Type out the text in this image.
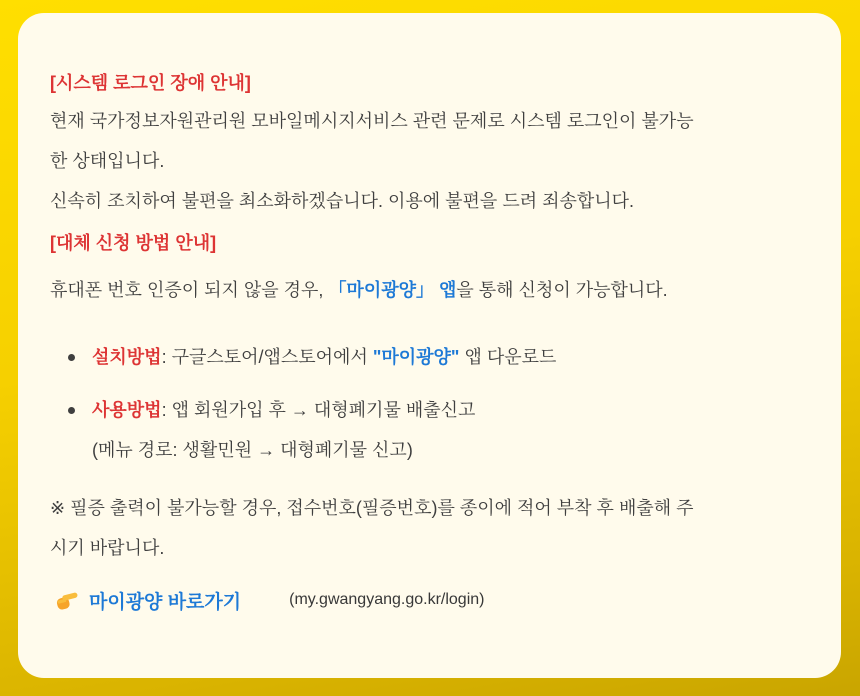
[시스템 로그인 장애 안내]
현재 국가정보자원관리원 모바일메시지서비스 관련 문제로 시스템 로그인이 불가능
한 상태입니다.
신속히 조치하여 불편을 최소화하겠습니다. 이용에 불편을 드려 죄송합니다.
[대체 신청 방법 안내]
휴대폰 번호 인증이 되지 않을 경우, 「마이광양」 앱을 통해 신청이 가능합니다.
설치방법: 구글스토어/앱스토어에서 "마이광양" 앱 다운로드
사용방법: 앱 회원가입 후 → 대형폐기물 배출신고
(메뉴 경로: 생활민원 → 대형폐기물 신고)
※ 필증 출력이 불가능할 경우, 접수번호(필증번호)를 종이에 적어 부착 후 배출해 주
시기 바랍니다.
마이광양 바로가기	(my.gwangyang.go.kr/login)
